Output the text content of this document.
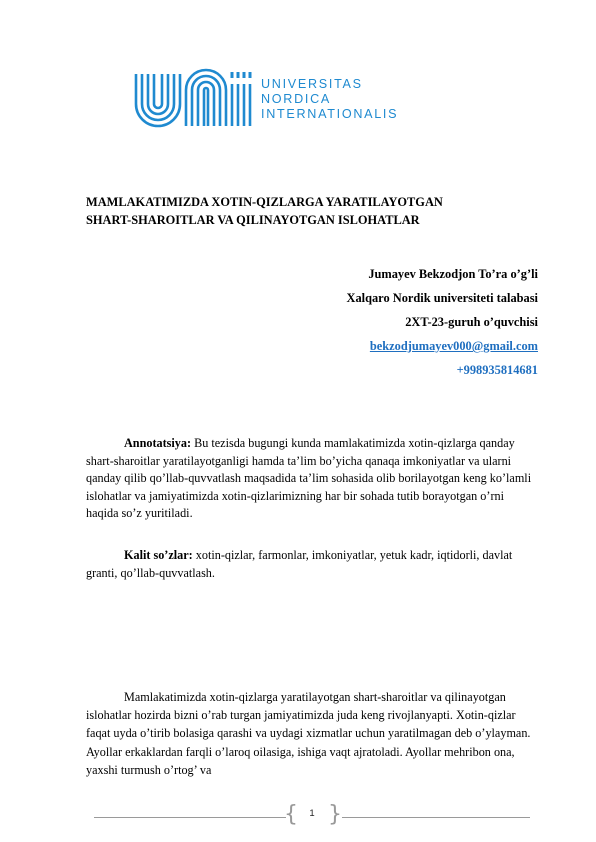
UNIVERSITAS
NORDICA
INTERNATIONALIS
MAMLAKATIMIZDA XOTIN-QIZLARGA YARATILAYOTGAN
SHART-SHAROITLAR VA QILINAYOTGAN ISLOHATLAR
Jumayev Bekzodjon To’ra o’g’li
Xalqaro Nordik universiteti talabasi
2XT-23-guruh o’quvchisi
bekzodjumayev000@gmail.com
+998935814681

Annotatsiya: Bu tezisda bugungi kunda mamlakatimizda xotin-qizlarga qanday shart-sharoitlar yaratilayotganligi hamda ta’lim bo’yicha qanaqa imkoniyatlar va ularni qanday qilib qo’llab-quvvatlash maqsadida ta’lim sohasida olib borilayotgan keng ko’lamli islohatlar va jamiyatimizda xotin-qizlarimizning har bir sohada tutib borayotgan o’rni haqida so’z yuritiladi.

Kalit so’zlar: xotin-qizlar, farmonlar, imkoniyatlar, yetuk kadr, iqtidorli, davlat granti, qo’llab-quvvatlash.

Mamlakatimizda xotin-qizlarga yaratilayotgan shart-sharoitlar va qilinayotgan islohatlar hozirda bizni o’rab turgan jamiyatimizda juda keng rivojlanyapti. Xotin-qizlar faqat uyda o’tirib bolasiga qarashi va uydagi xizmatlar uchun yaratilmagan deb o’ylayman. Ayollar erkaklardan farqli o’laroq oilasiga, ishiga vaqt ajratoladi. Ayollar mehribon ona, yaxshi turmush o’rtog’ va

{	1 }
